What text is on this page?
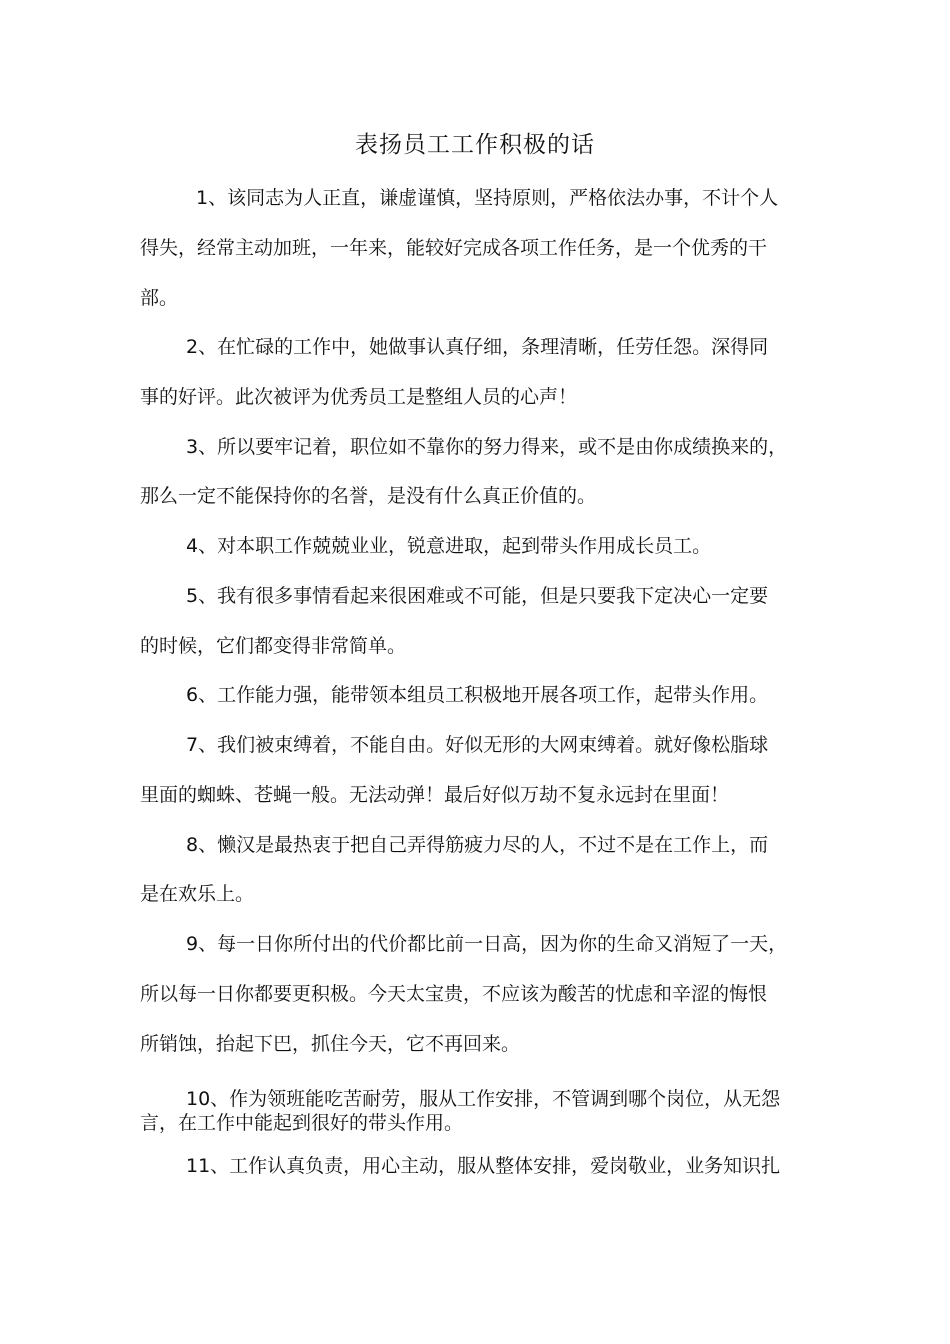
表扬员工工作积极的话

1、该同志为人正直，谦虚谨慎，坚持原则，严格依法办事，不计个人

得失，经常主动加班，一年来，能较好完成各项工作任务，是一个优秀的干

部。

2、在忙碌的工作中，她做事认真仔细，条理清晰，任劳任怨。深得同

事的好评。此次被评为优秀员工是整组人员的心声！

3、所以要牢记着，职位如不靠你的努力得来，或不是由你成绩换来的，

那么一定不能保持你的名誉，是没有什么真正价值的。

4、对本职工作兢兢业业，锐意进取，起到带头作用成长员工。

5、我有很多事情看起来很困难或不可能，但是只要我下定决心一定要

的时候，它们都变得非常简单。

6、工作能力强，能带领本组员工积极地开展各项工作，起带头作用。

7、我们被束缚着，不能自由。好似无形的大网束缚着。就好像松脂球

里面的蜘蛛、苍蝇一般。无法动弹！最后好似万劫不复永远封在里面！

8、懒汉是最热衷于把自己弄得筋疲力尽的人，不过不是在工作上，而

是在欢乐上。

9、每一日你所付出的代价都比前一日高，因为你的生命又消短了一天，

所以每一日你都要更积极。今天太宝贵，不应该为酸苦的忧虑和辛涩的悔恨

所销蚀，抬起下巴，抓住今天，它不再回来。

10、作为领班能吃苦耐劳，服从工作安排，不管调到哪个岗位，从无怨

言，在工作中能起到很好的带头作用。

11、工作认真负责，用心主动，服从整体安排，爱岗敬业，业务知识扎
